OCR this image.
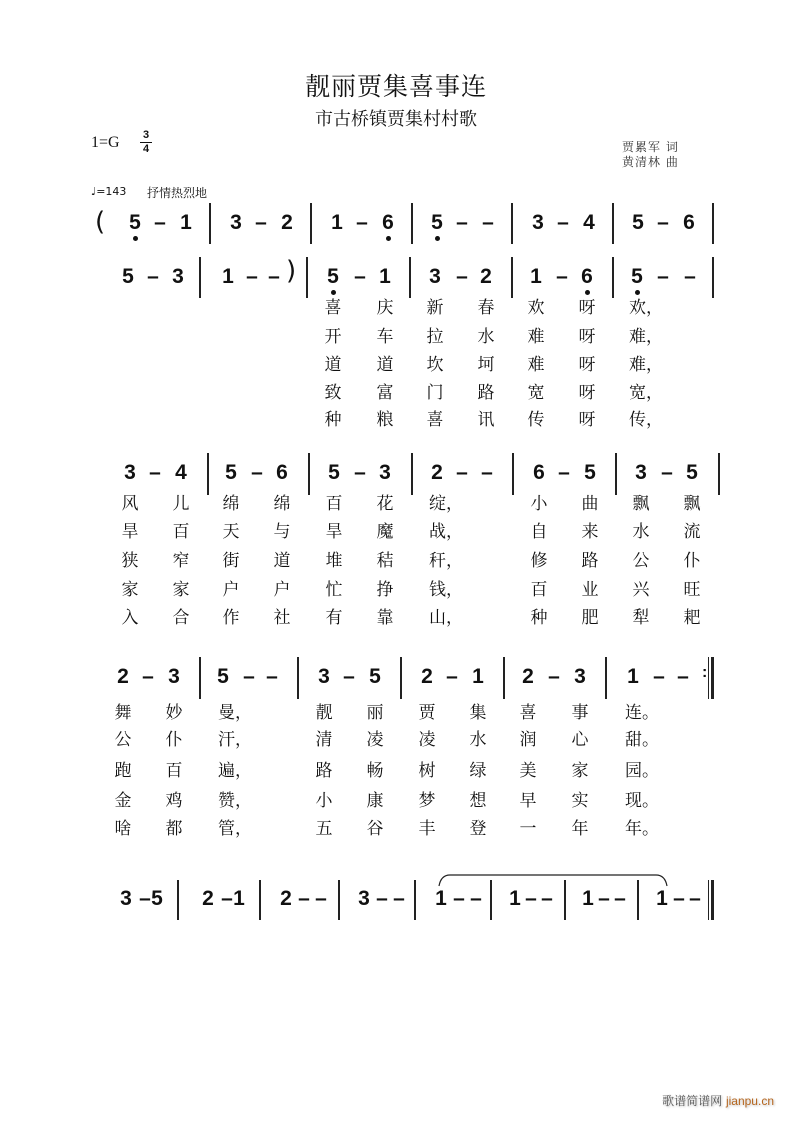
靓丽贾集喜事连
市古桥镇贾集村村歌
1=G 3
4	贾累军 词
黄清林 曲
♩=143 抒情热烈地
(
)
:
5 – 1 3 – 2 1 – 6 5 – – 3 – 4 5 – 6
5 – 3 1 – – 5 – 1 3 – 2 1 – 6 5 – –
3 – 4 5 – 6 5 – 3 2 – – 6 – 5 3 – 5
2 – 3 5 – – 3 – 5 2 – 1 2 – 3 1 – –
3 – 5 2 – 1 2 – – 3 – – 1 – – 1 – – 1 – – 1 – –
喜 庆 新 春 欢 呀 欢，
开 车 拉 水 难 呀 难，
道 道 坎 坷 难 呀 难，
致 富 门 路 宽 呀 宽，
种 粮 喜 讯 传 呀 传，
风 儿 绵 绵 百 花 绽，	小 曲 飘 飘
旱 百 天 与 旱 魔 战，	自 来 水 流
狭 窄 街 道 堆 秸 秆，	修 路 公 仆
家 家 户 户 忙 挣 钱，	百 业 兴 旺
入 合 作 社 有 靠 山，	种 肥 犁 耙
舞 妙 曼，	靓 丽 贾 集 喜 事 连。
公 仆 汗，	清 凌 凌 水 润 心 甜。
跑 百 遍，	路 畅 树 绿 美 家 园。
金 鸡 赞，	小 康 梦 想 早 实 现。
啥 都 管，	五 谷 丰 登 一 年 年。
歌谱简谱网 jianpu.cn
